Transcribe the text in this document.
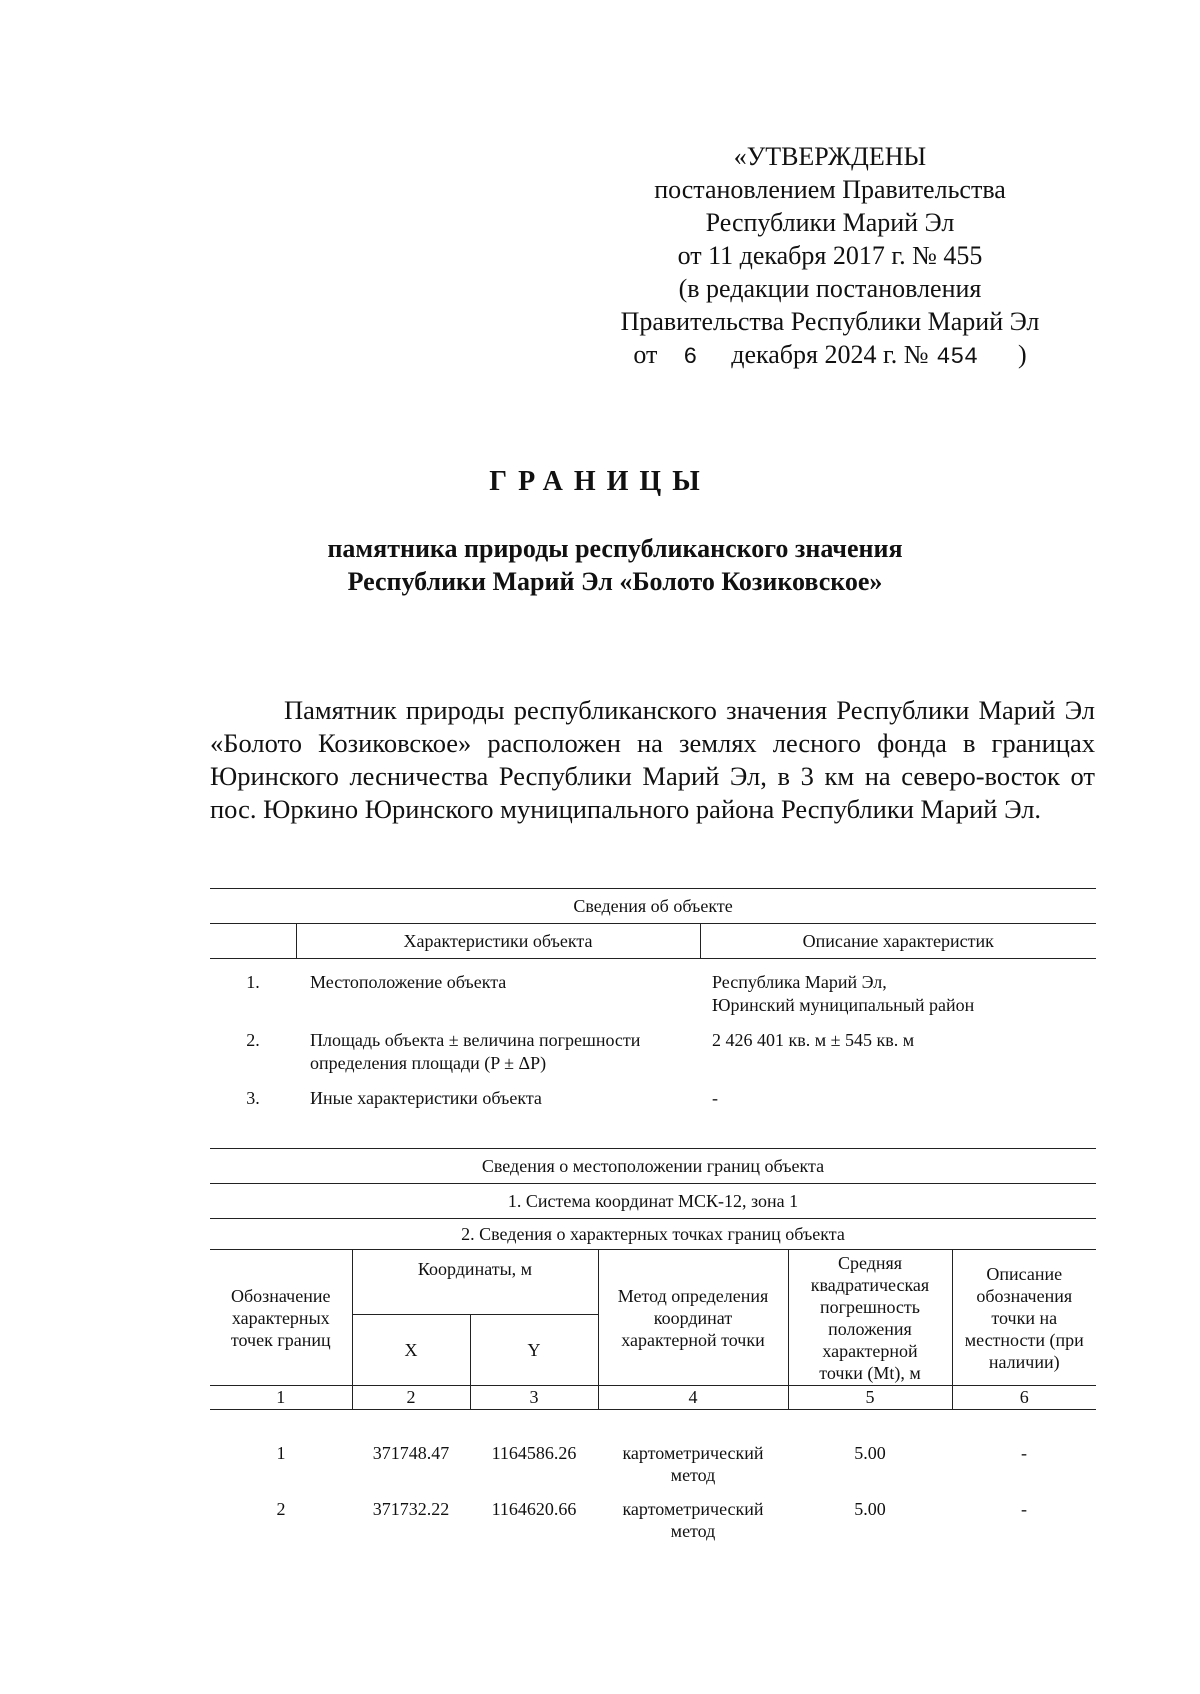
«УТВЕРЖДЕНЫ
постановлением Правительства
Республики Марий Эл
от 11 декабря 2017 г. № 455
(в редакции постановления
Правительства Республики Марий Эл
от 6 декабря 2024 г. № 454 )
ГРАНИЦЫ
памятника природы республиканского значения
Республики Марий Эл «Болото Козиковское»
Памятник природы республиканского значения Республики Марий Эл «Болото Козиковское» расположен на землях лесного фонда в границах Юринского лесничества Республики Марий Эл, в 3 км на северо-восток от пос. Юркино Юринского муниципального района Республики Марий Эл.
Сведения об объекте		
	Характеристики объекта	Описание характеристик
1.	Местоположение объекта	Республика Марий Эл,
Юринский муниципальный район

2.	Площадь объекта ± величина погрешности определения площади (P ± ΔP)	2 426 401 кв. м ± 545 кв. м
3.	Иные характеристики объекта	-
Сведения о местоположении границ объекта					
1. Система координат МСК-12, зона 1					
2. Сведения о характерных точках границ объекта					
Обозначение характерных точек границ	Координаты, м		Метод определения координат характерной точки	Средняя квадратическая погрешность положения характерной точки (Mt), м	Описание обозначения точки на местности (при наличии)
	X	Y			
1	2	3	4	5	6

1	371748.47	1164586.26	картометрический метод	5.00	-
2	371732.22	1164620.66	картометрический метод	5.00	-
